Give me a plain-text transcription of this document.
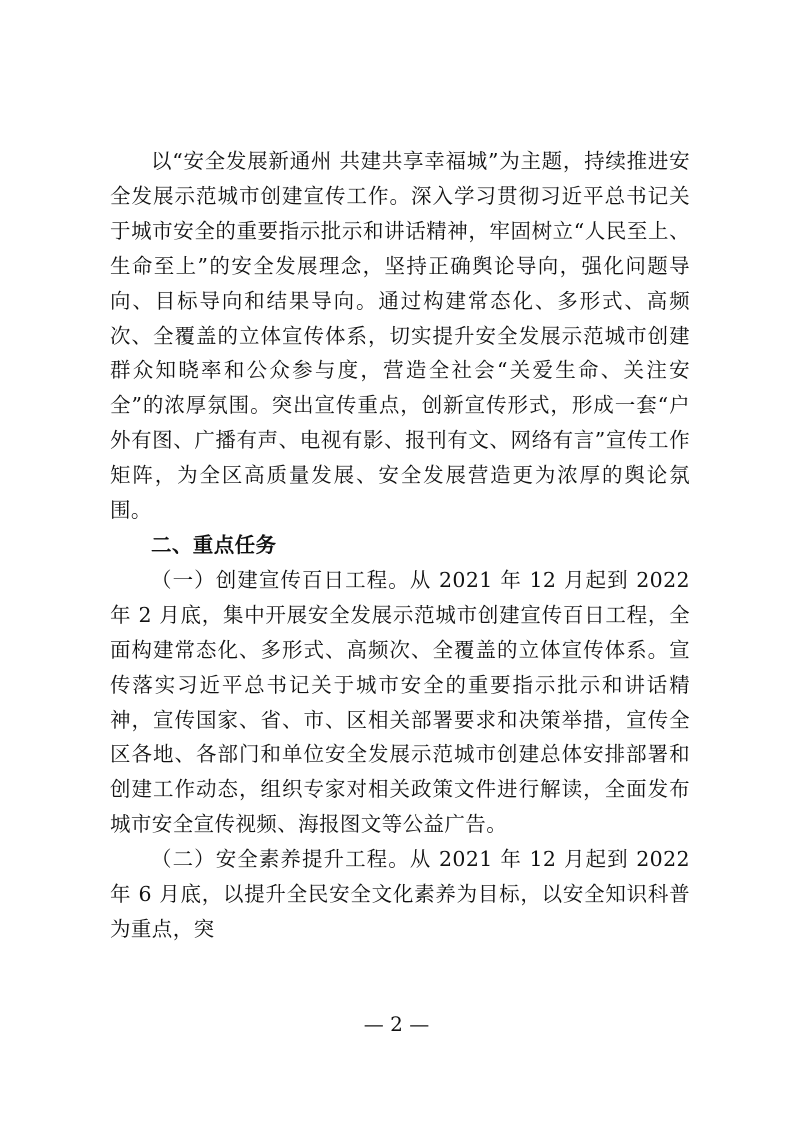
以“安全发展新通州 共建共享幸福城”为主题，持续推进安全发展示范城市创建宣传工作。深入学习贯彻习近平总书记关于城市安全的重要指示批示和讲话精神，牢固树立“人民至上、生命至上”的安全发展理念，坚持正确舆论导向，强化问题导向、目标导向和结果导向。通过构建常态化、多形式、高频次、全覆盖的立体宣传体系，切实提升安全发展示范城市创建群众知晓率和公众参与度，营造全社会“关爱生命、关注安全”的浓厚氛围。突出宣传重点，创新宣传形式，形成一套“户外有图、广播有声、电视有影、报刊有文、网络有言”宣传工作矩阵，为全区高质量发展、安全发展营造更为浓厚的舆论氛围。

二、重点任务

（一）创建宣传百日工程。从 2021 年 12 月起到 2022 年 2 月底，集中开展安全发展示范城市创建宣传百日工程，全面构建常态化、多形式、高频次、全覆盖的立体宣传体系。宣传落实习近平总书记关于城市安全的重要指示批示和讲话精神，宣传国家、省、市、区相关部署要求和决策举措，宣传全区各地、各部门和单位安全发展示范城市创建总体安排部署和创建工作动态，组织专家对相关政策文件进行解读，全面发布城市安全宣传视频、海报图文等公益广告。

（二）安全素养提升工程。从 2021 年 12 月起到 2022 年 6 月底，以提升全民安全文化素养为目标，以安全知识科普为重点，突

— 2 —
